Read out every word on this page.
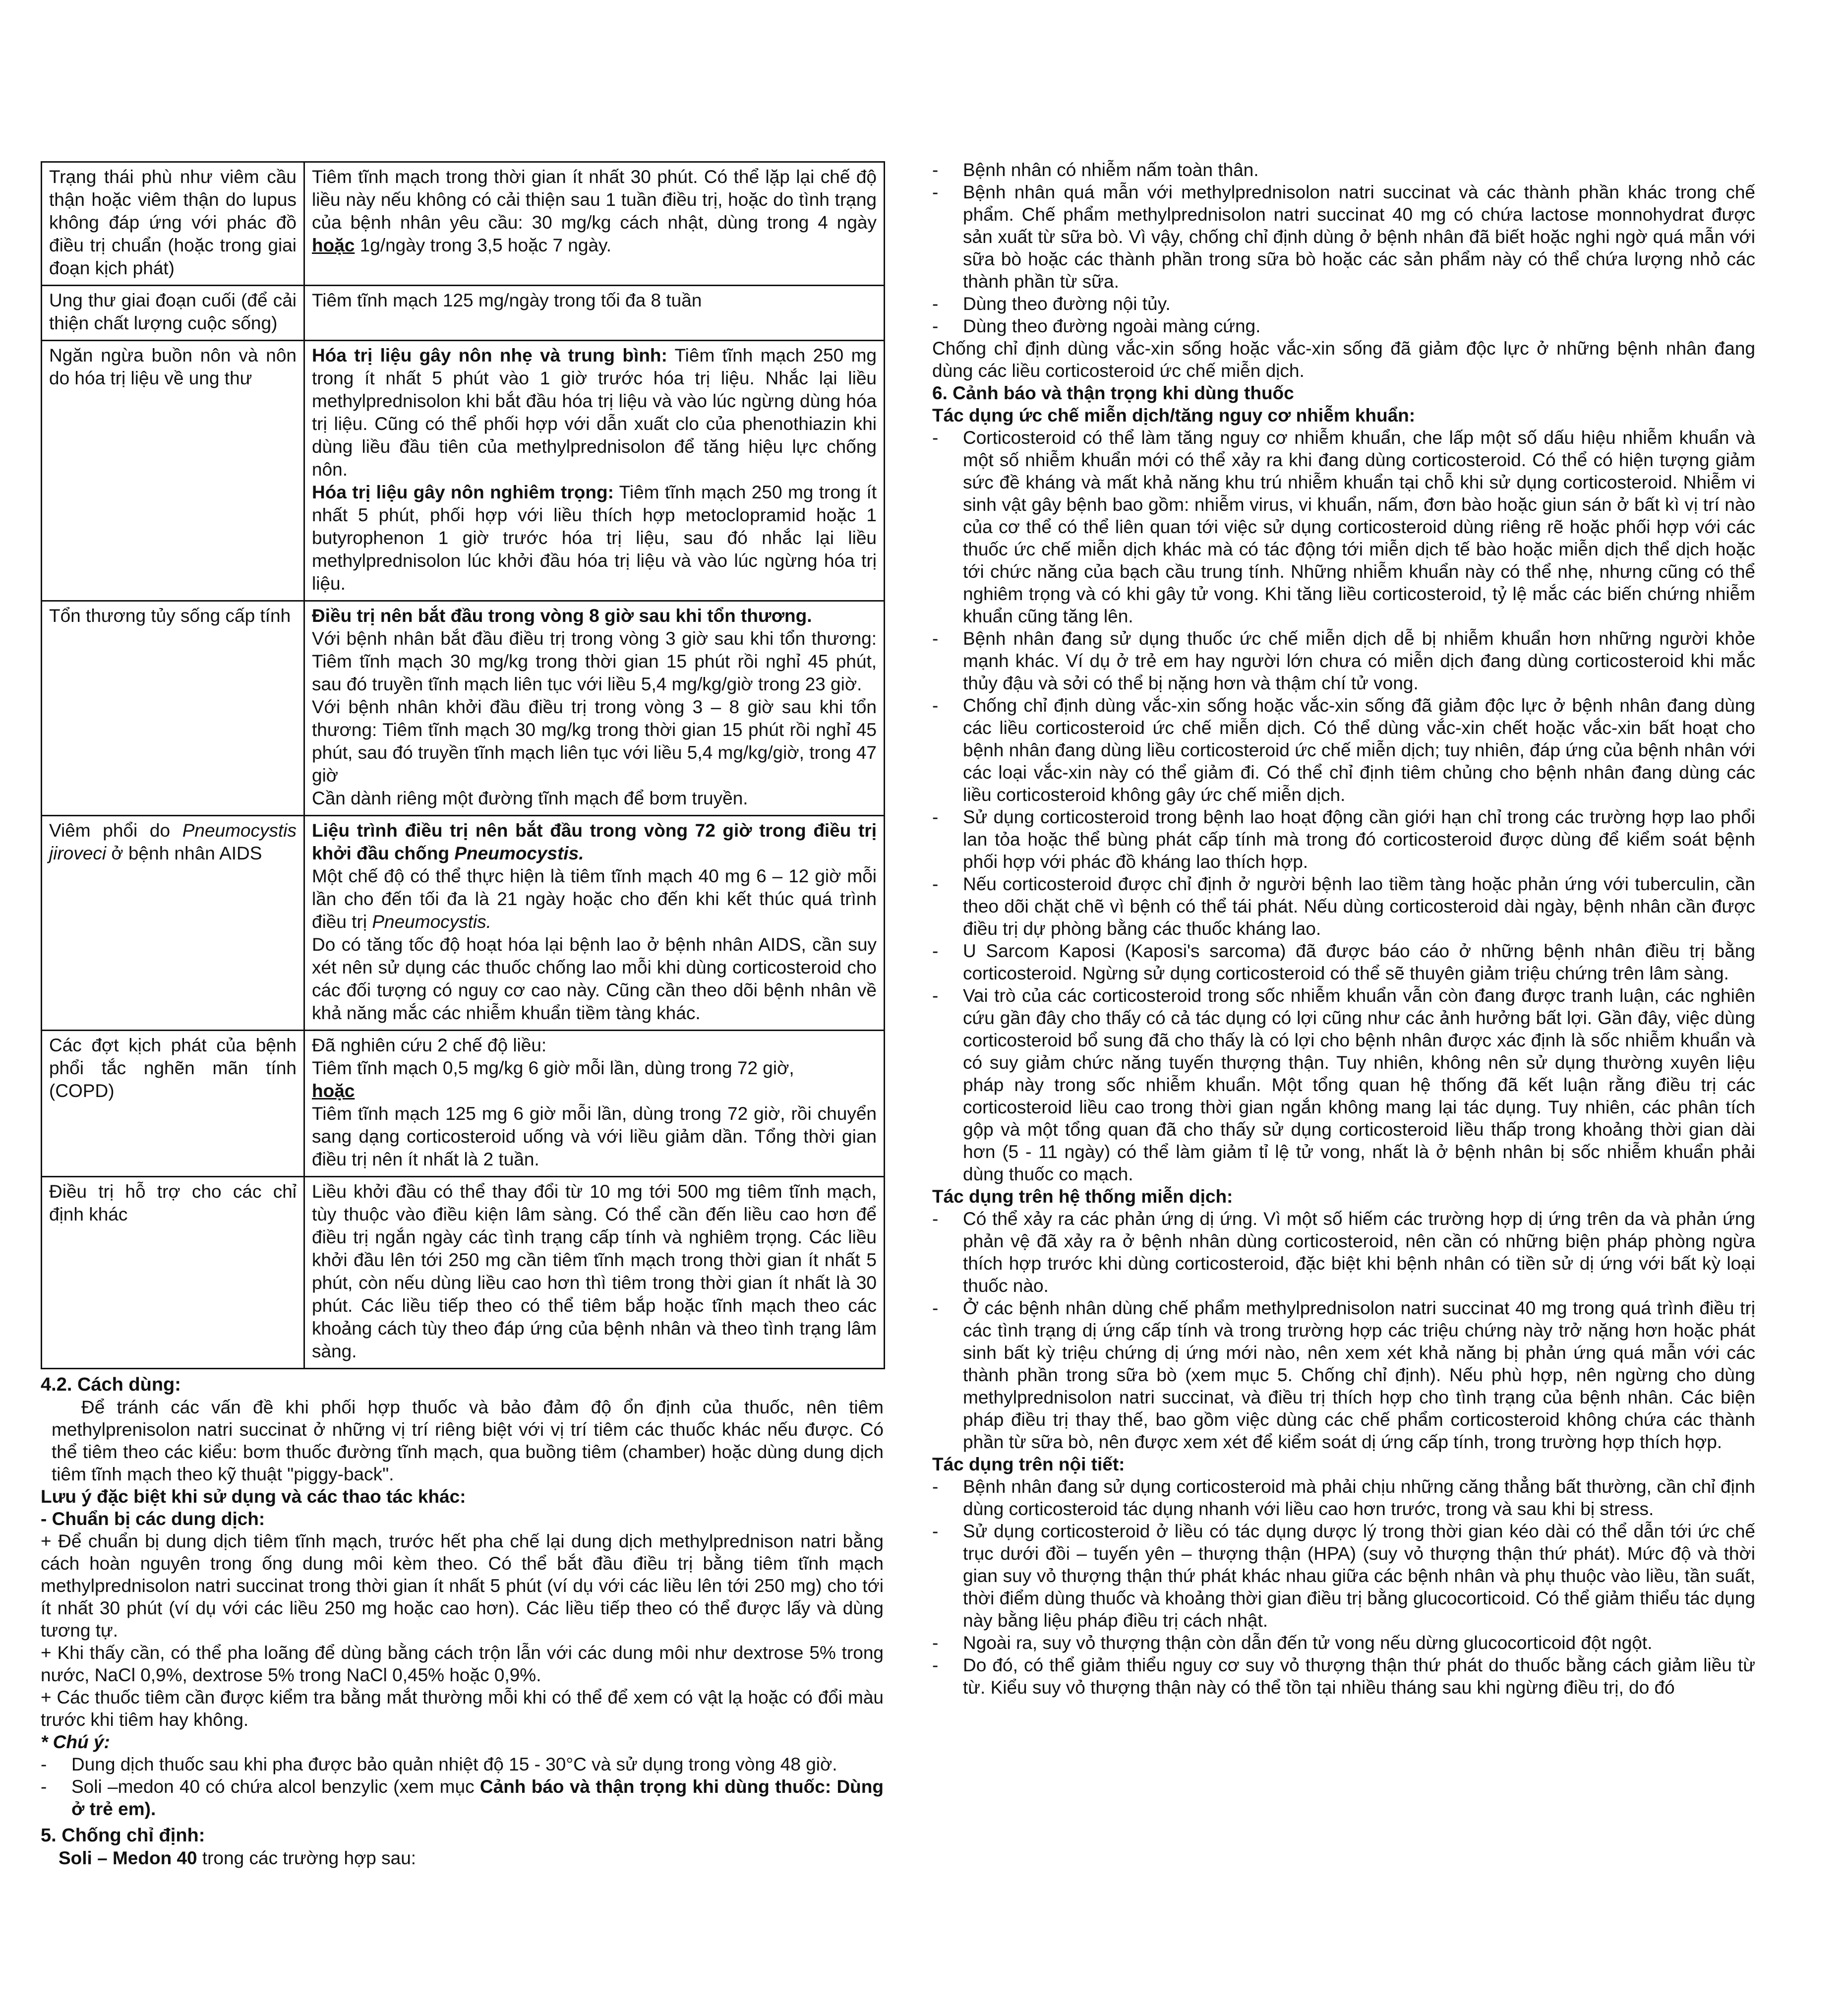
Trạng thái phù như viêm cầu thận hoặc viêm thận do lupus không đáp ứng với phác đồ điều trị chuẩn (hoặc trong giai đoạn kịch phát)	Tiêm tĩnh mạch trong thời gian ít nhất 30 phút. Có thể lặp lại chế độ liều này nếu không có cải thiện sau 1 tuần điều trị, hoặc do tình trạng của bệnh nhân yêu cầu: 30 mg/kg cách nhật, dùng trong 4 ngày hoặc 1g/ngày trong 3,5 hoặc 7 ngày.
Ung thư giai đoạn cuối (để cải thiện chất lượng cuộc sống)	Tiêm tĩnh mạch 125 mg/ngày trong tối đa 8 tuần
Ngăn ngừa buồn nôn và nôn do hóa trị liệu về ung thư	Hóa trị liệu gây nôn nhẹ và trung bình: Tiêm tĩnh mạch 250 mg trong ít nhất 5 phút vào 1 giờ trước hóa trị liệu. Nhắc lại liều methylprednisolon khi bắt đầu hóa trị liệu và vào lúc ngừng dùng hóa trị liệu. Cũng có thể phối hợp với dẫn xuất clo của phenothiazin khi dùng liều đầu tiên của methylprednisolon để tăng hiệu lực chống nôn.
Hóa trị liệu gây nôn nghiêm trọng: Tiêm tĩnh mạch 250 mg trong ít nhất 5 phút, phối hợp với liều thích hợp metoclopramid hoặc 1 butyrophenon 1 giờ trước hóa trị liệu, sau đó nhắc lại liều methylprednisolon lúc khởi đầu hóa trị liệu và vào lúc ngừng hóa trị liệu.
Tổn thương tủy sống cấp tính	Điều trị nên bắt đầu trong vòng 8 giờ sau khi tổn thương.
Với bệnh nhân bắt đầu điều trị trong vòng 3 giờ sau khi tổn thương: Tiêm tĩnh mạch 30 mg/kg trong thời gian 15 phút rồi nghỉ 45 phút, sau đó truyền tĩnh mạch liên tục với liều 5,4 mg/kg/giờ trong 23 giờ.
Với bệnh nhân khởi đầu điều trị trong vòng 3 – 8 giờ sau khi tổn thương: Tiêm tĩnh mạch 30 mg/kg trong thời gian 15 phút rồi nghỉ 45 phút, sau đó truyền tĩnh mạch liên tục với liều 5,4 mg/kg/giờ, trong 47 giờ
Cần dành riêng một đường tĩnh mạch để bơm truyền.

Viêm phổi do Pneumocystis jiroveci ở bệnh nhân AIDS	Liệu trình điều trị nên bắt đầu trong vòng 72 giờ trong điều trị khởi đầu chống Pneumocystis.
Một chế độ có thể thực hiện là tiêm tĩnh mạch 40 mg 6 – 12 giờ mỗi lần cho đến tối đa là 21 ngày hoặc cho đến khi kết thúc quá trình điều trị Pneumocystis.
Do có tăng tốc độ hoạt hóa lại bệnh lao ở bệnh nhân AIDS, cần suy xét nên sử dụng các thuốc chống lao mỗi khi dùng corticosteroid cho các đối tượng có nguy cơ cao này. Cũng cần theo dõi bệnh nhân về khả năng mắc các nhiễm khuẩn tiềm tàng khác.

Các đợt kịch phát của bệnh phổi tắc nghẽn mãn tính (COPD)	Đã nghiên cứu 2 chế độ liều:
Tiêm tĩnh mạch 0,5 mg/kg 6 giờ mỗi lần, dùng trong 72 giờ,
hoặc
Tiêm tĩnh mạch 125 mg 6 giờ mỗi lần, dùng trong 72 giờ, rồi chuyển sang dạng corticosteroid uống và với liều giảm dần. Tổng thời gian điều trị nên ít nhất là 2 tuần.

Điều trị hỗ trợ cho các chỉ định khác	Liều khởi đầu có thể thay đổi từ 10 mg tới 500 mg tiêm tĩnh mạch, tùy thuộc vào điều kiện lâm sàng. Có thể cần đến liều cao hơn để điều trị ngắn ngày các tình trạng cấp tính và nghiêm trọng. Các liều khởi đầu lên tới 250 mg cần tiêm tĩnh mạch trong thời gian ít nhất 5 phút, còn nếu dùng liều cao hơn thì tiêm trong thời gian ít nhất là 30 phút. Các liều tiếp theo có thể tiêm bắp hoặc tĩnh mạch theo các khoảng cách tùy theo đáp ứng của bệnh nhân và theo tình trạng lâm sàng.
4.2. Cách dùng:
Để tránh các vấn đề khi phối hợp thuốc và bảo đảm độ ổn định của thuốc, nên tiêm methylprenisolon natri succinat ở những vị trí riêng biệt với vị trí tiêm các thuốc khác nếu được. Có thể tiêm theo các kiểu: bơm thuốc đường tĩnh mạch, qua buồng tiêm (chamber) hoặc dùng dung dịch tiêm tĩnh mạch theo kỹ thuật "piggy-back".
Lưu ý đặc biệt khi sử dụng và các thao tác khác:
- Chuẩn bị các dung dịch:
+ Để chuẩn bị dung dịch tiêm tĩnh mạch, trước hết pha chế lại dung dịch methylprednison natri bằng cách hoàn nguyên trong ống dung môi kèm theo. Có thể bắt đầu điều trị bằng tiêm tĩnh mạch methylprednisolon natri succinat trong thời gian ít nhất 5 phút (ví dụ với các liều lên tới 250 mg) cho tới ít nhất 30 phút (ví dụ với các liều 250 mg hoặc cao hơn). Các liều tiếp theo có thể được lấy và dùng tương tự.
+ Khi thấy cần, có thể pha loãng để dùng bằng cách trộn lẫn với các dung môi như dextrose 5% trong nước, NaCl 0,9%, dextrose 5% trong NaCl 0,45% hoặc 0,9%.
+ Các thuốc tiêm cần được kiểm tra bằng mắt thường mỗi khi có thể để xem có vật lạ hoặc có đổi màu trước khi tiêm hay không.
* Chú ý:
- Dung dịch thuốc sau khi pha được bảo quản nhiệt độ 15 - 30°C và sử dụng trong vòng 48 giờ.
- Soli –medon 40 có chứa alcol benzylic (xem mục Cảnh báo và thận trọng khi dùng thuốc: Dùng ở trẻ em).
5. Chống chỉ định:
Soli – Medon 40 trong các trường hợp sau:
- Bệnh nhân có nhiễm nấm toàn thân.
- Bệnh nhân quá mẫn với methylprednisolon natri succinat và các thành phần khác trong chế phẩm. Chế phẩm methylprednisolon natri succinat 40 mg có chứa lactose monnohydrat được sản xuất từ sữa bò. Vì vậy, chống chỉ định dùng ở bệnh nhân đã biết hoặc nghi ngờ quá mẫn với sữa bò hoặc các thành phần trong sữa bò hoặc các sản phẩm này có thể chứa lượng nhỏ các thành phần từ sữa.
- Dùng theo đường nội tủy.
- Dùng theo đường ngoài màng cứng.
Chống chỉ định dùng vắc-xin sống hoặc vắc-xin sống đã giảm độc lực ở những bệnh nhân đang dùng các liều corticosteroid ức chế miễn dịch.
6. Cảnh báo và thận trọng khi dùng thuốc
Tác dụng ức chế miễn dịch/tăng nguy cơ nhiễm khuẩn:
- Corticosteroid có thể làm tăng nguy cơ nhiễm khuẩn, che lấp một số dấu hiệu nhiễm khuẩn và một số nhiễm khuẩn mới có thể xảy ra khi đang dùng corticosteroid. Có thể có hiện tượng giảm sức đề kháng và mất khả năng khu trú nhiễm khuẩn tại chỗ khi sử dụng corticosteroid. Nhiễm vi sinh vật gây bệnh bao gồm: nhiễm virus, vi khuẩn, nấm, đơn bào hoặc giun sán ở bất kì vị trí nào của cơ thể có thể liên quan tới việc sử dụng corticosteroid dùng riêng rẽ hoặc phối hợp với các thuốc ức chế miễn dịch khác mà có tác động tới miễn dịch tế bào hoặc miễn dịch thể dịch hoặc tới chức năng của bạch cầu trung tính. Những nhiễm khuẩn này có thể nhẹ, nhưng cũng có thể nghiêm trọng và có khi gây tử vong. Khi tăng liều corticosteroid, tỷ lệ mắc các biến chứng nhiễm khuẩn cũng tăng lên.
- Bệnh nhân đang sử dụng thuốc ức chế miễn dịch dễ bị nhiễm khuẩn hơn những người khỏe mạnh khác. Ví dụ ở trẻ em hay người lớn chưa có miễn dịch đang dùng corticosteroid khi mắc thủy đậu và sởi có thể bị nặng hơn và thậm chí tử vong.
- Chống chỉ định dùng vắc-xin sống hoặc vắc-xin sống đã giảm độc lực ở bệnh nhân đang dùng các liều corticosteroid ức chế miễn dịch. Có thể dùng vắc-xin chết hoặc vắc-xin bất hoạt cho bệnh nhân đang dùng liều corticosteroid ức chế miễn dịch; tuy nhiên, đáp ứng của bệnh nhân với các loại vắc-xin này có thể giảm đi. Có thể chỉ định tiêm chủng cho bệnh nhân đang dùng các liều corticosteroid không gây ức chế miễn dịch.
- Sử dụng corticosteroid trong bệnh lao hoạt động cần giới hạn chỉ trong các trường hợp lao phổi lan tỏa hoặc thể bùng phát cấp tính mà trong đó corticosteroid được dùng để kiểm soát bệnh phối hợp với phác đồ kháng lao thích hợp.
- Nếu corticosteroid được chỉ định ở người bệnh lao tiềm tàng hoặc phản ứng với tuberculin, cần theo dõi chặt chẽ vì bệnh có thể tái phát. Nếu dùng corticosteroid dài ngày, bệnh nhân cần được điều trị dự phòng bằng các thuốc kháng lao.
- U Sarcom Kaposi (Kaposi's sarcoma) đã được báo cáo ở những bệnh nhân điều trị bằng corticosteroid. Ngừng sử dụng corticosteroid có thể sẽ thuyên giảm triệu chứng trên lâm sàng.
- Vai trò của các corticosteroid trong sốc nhiễm khuẩn vẫn còn đang được tranh luận, các nghiên cứu gần đây cho thấy có cả tác dụng có lợi cũng như các ảnh hưởng bất lợi. Gần đây, việc dùng corticosteroid bổ sung đã cho thấy là có lợi cho bệnh nhân được xác định là sốc nhiễm khuẩn và có suy giảm chức năng tuyến thượng thận. Tuy nhiên, không nên sử dụng thường xuyên liệu pháp này trong sốc nhiễm khuẩn. Một tổng quan hệ thống đã kết luận rằng điều trị các corticosteroid liều cao trong thời gian ngắn không mang lại tác dụng. Tuy nhiên, các phân tích gộp và một tổng quan đã cho thấy sử dụng corticosteroid liều thấp trong khoảng thời gian dài hơn (5 - 11 ngày) có thể làm giảm tỉ lệ tử vong, nhất là ở bệnh nhân bị sốc nhiễm khuẩn phải dùng thuốc co mạch.
Tác dụng trên hệ thống miễn dịch:
- Có thể xảy ra các phản ứng dị ứng. Vì một số hiếm các trường hợp dị ứng trên da và phản ứng phản vệ đã xảy ra ở bệnh nhân dùng corticosteroid, nên cần có những biện pháp phòng ngừa thích hợp trước khi dùng corticosteroid, đặc biệt khi bệnh nhân có tiền sử dị ứng với bất kỳ loại thuốc nào.
- Ở các bệnh nhân dùng chế phẩm methylprednisolon natri succinat 40 mg trong quá trình điều trị các tình trạng dị ứng cấp tính và trong trường hợp các triệu chứng này trở nặng hơn hoặc phát sinh bất kỳ triệu chứng dị ứng mới nào, nên xem xét khả năng bị phản ứng quá mẫn với các thành phần trong sữa bò (xem mục 5. Chống chỉ định). Nếu phù hợp, nên ngừng cho dùng methylprednisolon natri succinat, và điều trị thích hợp cho tình trạng của bệnh nhân. Các biện pháp điều trị thay thế, bao gồm việc dùng các chế phẩm corticosteroid không chứa các thành phần từ sữa bò, nên được xem xét để kiểm soát dị ứng cấp tính, trong trường hợp thích hợp.
Tác dụng trên nội tiết:
- Bệnh nhân đang sử dụng corticosteroid mà phải chịu những căng thẳng bất thường, cần chỉ định dùng corticosteroid tác dụng nhanh với liều cao hơn trước, trong và sau khi bị stress.
- Sử dụng corticosteroid ở liều có tác dụng dược lý trong thời gian kéo dài có thể dẫn tới ức chế trục dưới đồi – tuyến yên – thượng thận (HPA) (suy vỏ thượng thận thứ phát). Mức độ và thời gian suy vỏ thượng thận thứ phát khác nhau giữa các bệnh nhân và phụ thuộc vào liều, tần suất, thời điểm dùng thuốc và khoảng thời gian điều trị bằng glucocorticoid. Có thể giảm thiểu tác dụng này bằng liệu pháp điều trị cách nhật.
- Ngoài ra, suy vỏ thượng thận còn dẫn đến tử vong nếu dừng glucocorticoid đột ngột.
- Do đó, có thể giảm thiểu nguy cơ suy vỏ thượng thận thứ phát do thuốc bằng cách giảm liều từ từ. Kiểu suy vỏ thượng thận này có thể tồn tại nhiều tháng sau khi ngừng điều trị, do đó
